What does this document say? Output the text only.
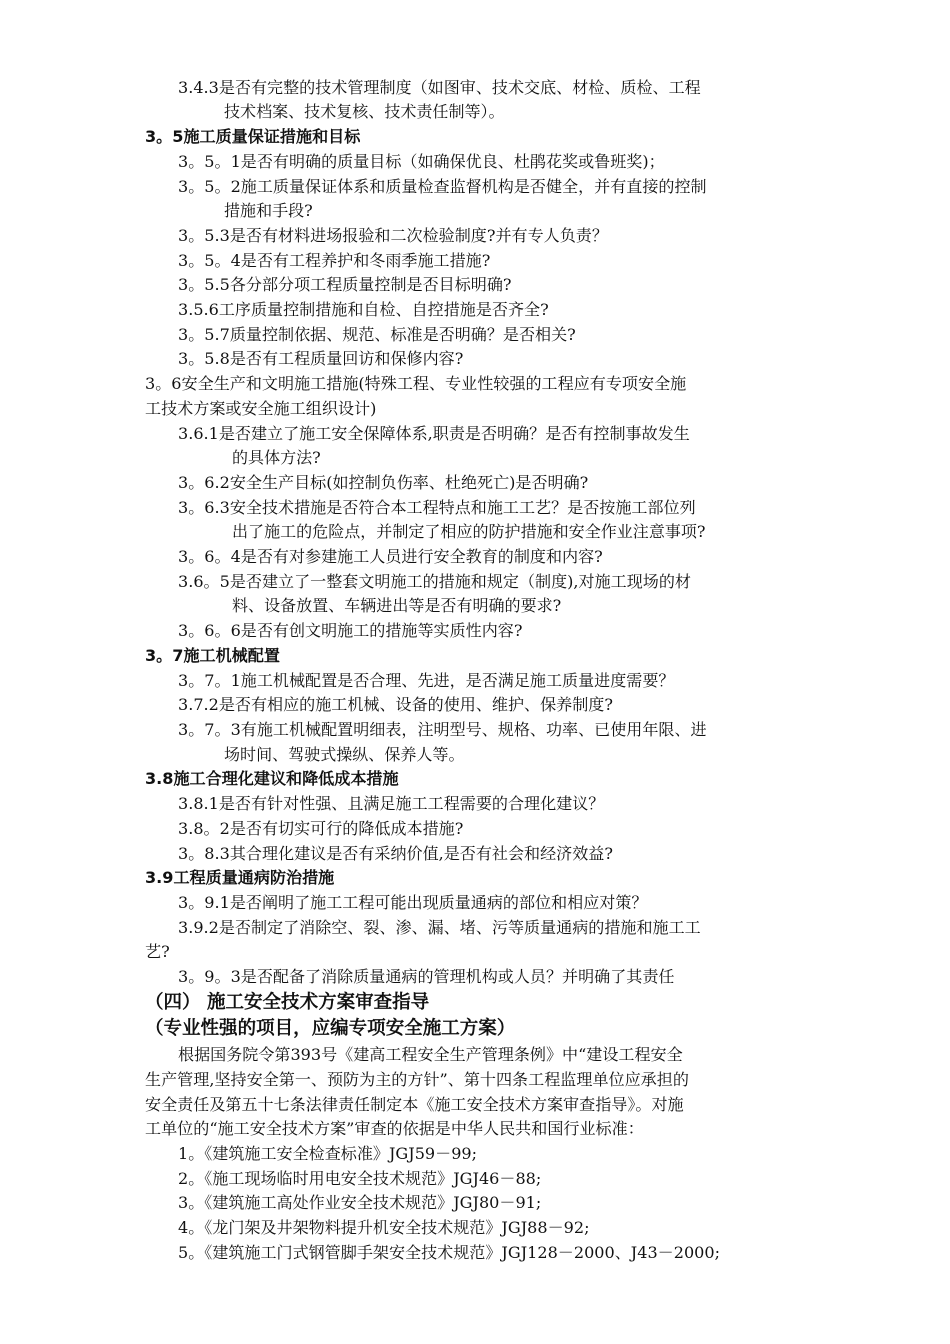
3.4.3是否有完整的技术管理制度（如图审、技术交底、材检、质检、工程
技术档案、技术复核、技术责任制等）。
3。5施工质量保证措施和目标
3。5。1是否有明确的质量目标（如确保优良、杜鹃花奖或鲁班奖)；
3。5。2施工质量保证体系和质量检查监督机构是否健全，并有直接的控制
措施和手段?
3。5.3是否有材料进场报验和二次检验制度?并有专人负责？
3。5。4是否有工程养护和冬雨季施工措施?
3。5.5各分部分项工程质量控制是否目标明确?
3.5.6工序质量控制措施和自检、自控措施是否齐全?
3。5.7质量控制依据、规范、标准是否明确？是否相关?
3。5.8是否有工程质量回访和保修内容?
3。6安全生产和文明施工措施(特殊工程、专业性较强的工程应有专项安全施
工技术方案或安全施工组织设计)
3.6.1是否建立了施工安全保障体系,职责是否明确？是否有控制事故发生
的具体方法?
3。6.2安全生产目标(如控制负伤率、杜绝死亡)是否明确?
3。6.3安全技术措施是否符合本工程特点和施工工艺？是否按施工部位列
出了施工的危险点，并制定了相应的防护措施和安全作业注意事项?
3。6。4是否有对参建施工人员进行安全教育的制度和内容?
3.6。5是否建立了一整套文明施工的措施和规定（制度),对施工现场的材
料、设备放置、车辆进出等是否有明确的要求?
3。6。6是否有创文明施工的措施等实质性内容?
3。7施工机械配置
3。7。1施工机械配置是否合理、先进，是否满足施工质量进度需要？
3.7.2是否有相应的施工机械、设备的使用、维护、保养制度?
3。7。3有施工机械配置明细表，注明型号、规格、功率、已使用年限、进
场时间、驾驶式操纵、保养人等。
3.8施工合理化建议和降低成本措施
3.8.1是否有针对性强、且满足施工工程需要的合理化建议？
3.8。2是否有切实可行的降低成本措施?
3。8.3其合理化建议是否有采纳价值,是否有社会和经济效益?
3.9工程质量通病防治措施
3。9.1是否阐明了施工工程可能出现质量通病的部位和相应对策？
3.9.2是否制定了消除空、裂、渗、漏、堵、污等质量通病的措施和施工工
艺?
3。9。3是否配备了消除质量通病的管理机构或人员？并明确了其责任
（四） 施工安全技术方案审查指导
（专业性强的项目，应编专项安全施工方案）
根据国务院令第393号《建高工程安全生产管理条例》中“建设工程安全
生产管理,坚持安全第一、预防为主的方针”、第十四条工程监理单位应承担的
安全责任及第五十七条法律责任制定本《施工安全技术方案审查指导》。对施
工单位的“施工安全技术方案”审查的依据是中华人民共和国行业标准：
1。《建筑施工安全检查标准》JGJ59－99;
2。《施工现场临时用电安全技术规范》JGJ46－88;
3。《建筑施工高处作业安全技术规范》JGJ80－91;
4。《龙门架及井架物料提升机安全技术规范》JGJ88－92;
5。《建筑施工门式钢管脚手架安全技术规范》JGJ128－2000、J43－2000;
